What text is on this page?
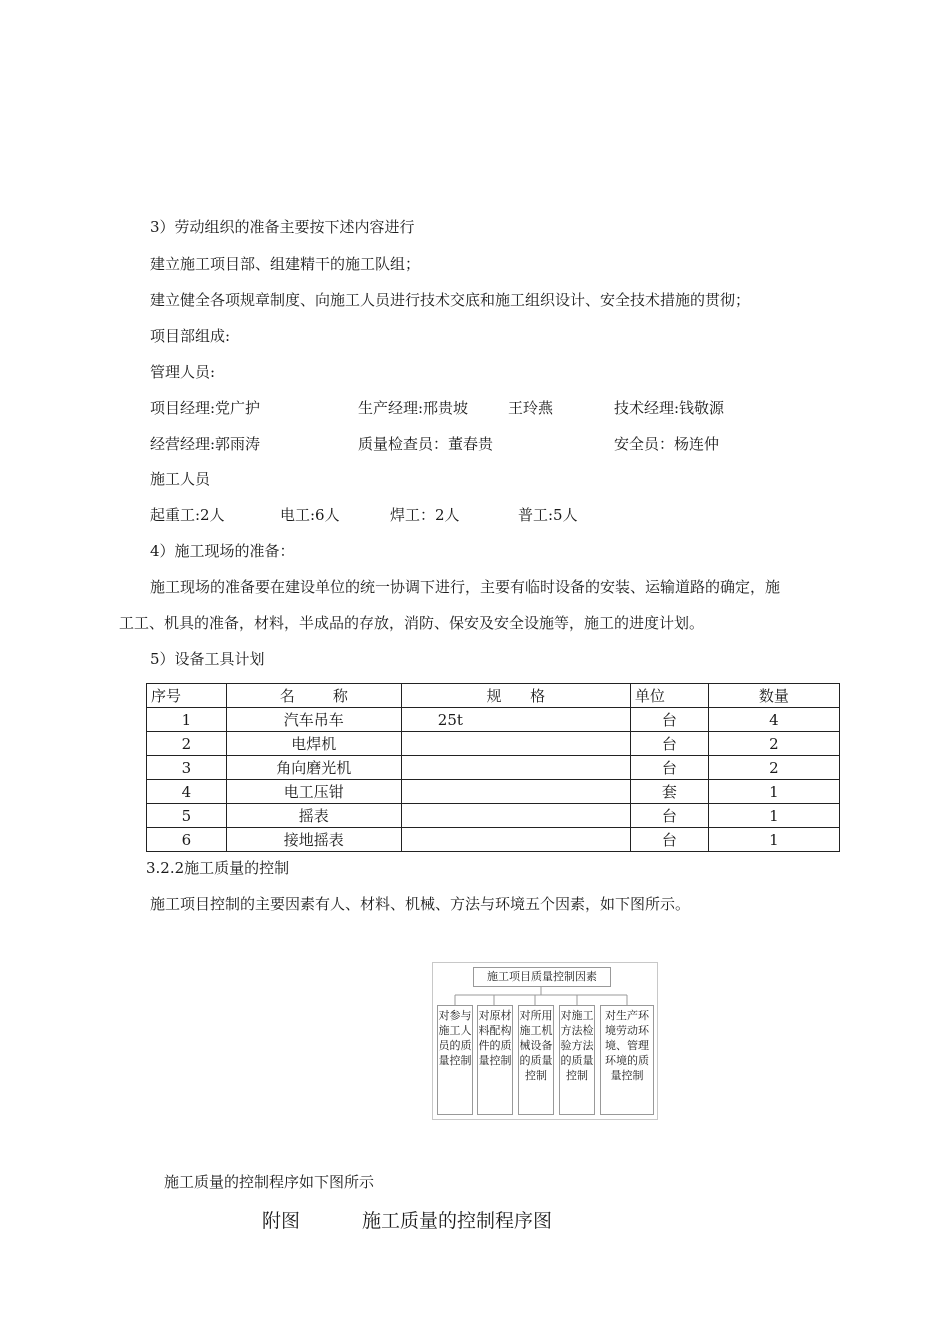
3）劳动组织的准备主要按下述内容进行
建立施工项目部、组建精干的施工队组；
建立健全各项规章制度、向施工人员进行技术交底和施工组织设计、安全技术措施的贯彻；
项目部组成:
管理人员:
项目经理:党广护	生产经理:邢贵坡	王玲燕	技术经理:钱敬源
经营经理:郭雨涛	质量检查员：董春贵	安全员：杨连仲
施工人员
起重工:2人	电工:6人	焊工：2人	普工:5人
4）施工现场的准备：
施工现场的准备要在建设单位的统一协调下进行，主要有临时设备的安装、运输道路的确定，施
工工、机具的准备，材料，半成品的存放，消防、保安及安全设施等，施工的进度计划。
5）设备工具计划
序号	名        称	规      格	单位	数量
1	汽车吊车	25t	台	4
2	电焊机		台	2
3	角向磨光机		台	2
4	电工压钳		套	1
5	摇表		台	1
6	接地摇表		台	1
3.2.2施工质量的控制
施工项目控制的主要因素有人、材料、机械、方法与环境五个因素，如下图所示。
施工项目质量控制因素
对参与施工人员的质量控制
对原材料配构件的质量控制
对所用施工机械设备的质量控制
对施工方法检验方法的质量控制
对生产环境劳动环境、管理环境的质量控制
施工质量的控制程序如下图所示
附图	施工质量的控制程序图
